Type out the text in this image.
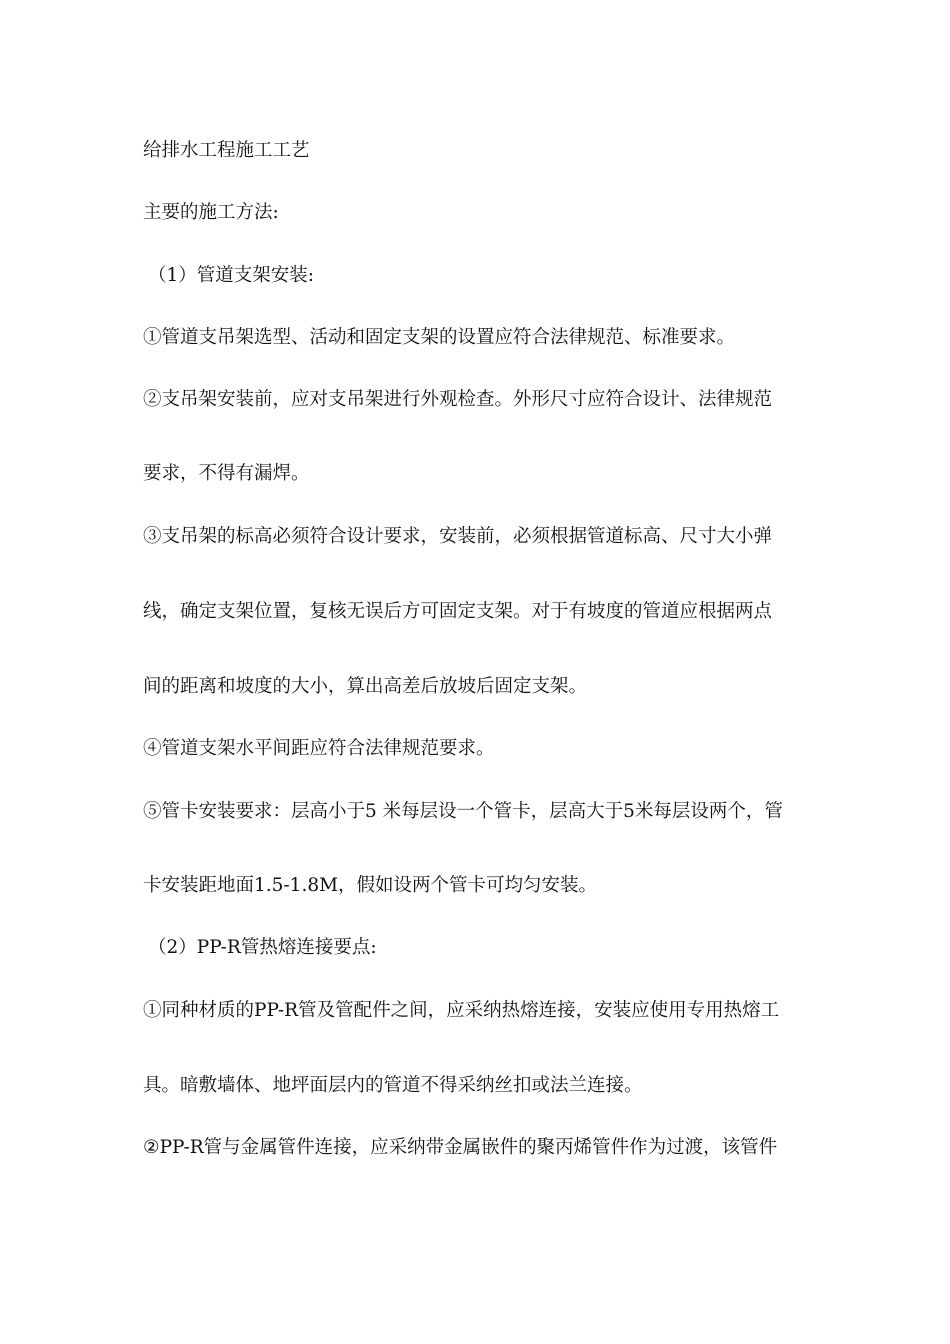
给排水工程施工工艺
主要的施工方法:
（1）管道支架安装:
①管道支吊架选型、活动和固定支架的设置应符合法律规范、标准要求。
②支吊架安装前，应对支吊架进行外观检查。外形尺寸应符合设计、法律规范
要求，不得有漏焊。
③支吊架的标高必须符合设计要求，安装前，必须根据管道标高、尺寸大小弹
线，确定支架位置，复核无误后方可固定支架。对于有坡度的管道应根据两点
间的距离和坡度的大小，算出高差后放坡后固定支架。
④管道支架水平间距应符合法律规范要求。
⑤管卡安装要求：层高小于5 米每层设一个管卡，层高大于5米每层设两个，管
卡安装距地面1.5-1.8M，假如设两个管卡可均匀安装。
（2）PP-R管热熔连接要点:
①同种材质的PP-R管及管配件之间，应采纳热熔连接，安装应使用专用热熔工
具。暗敷墙体、地坪面层内的管道不得采纳丝扣或法兰连接。
②PP-R管与金属管件连接，应采纳带金属嵌件的聚丙烯管件作为过渡，该管件
